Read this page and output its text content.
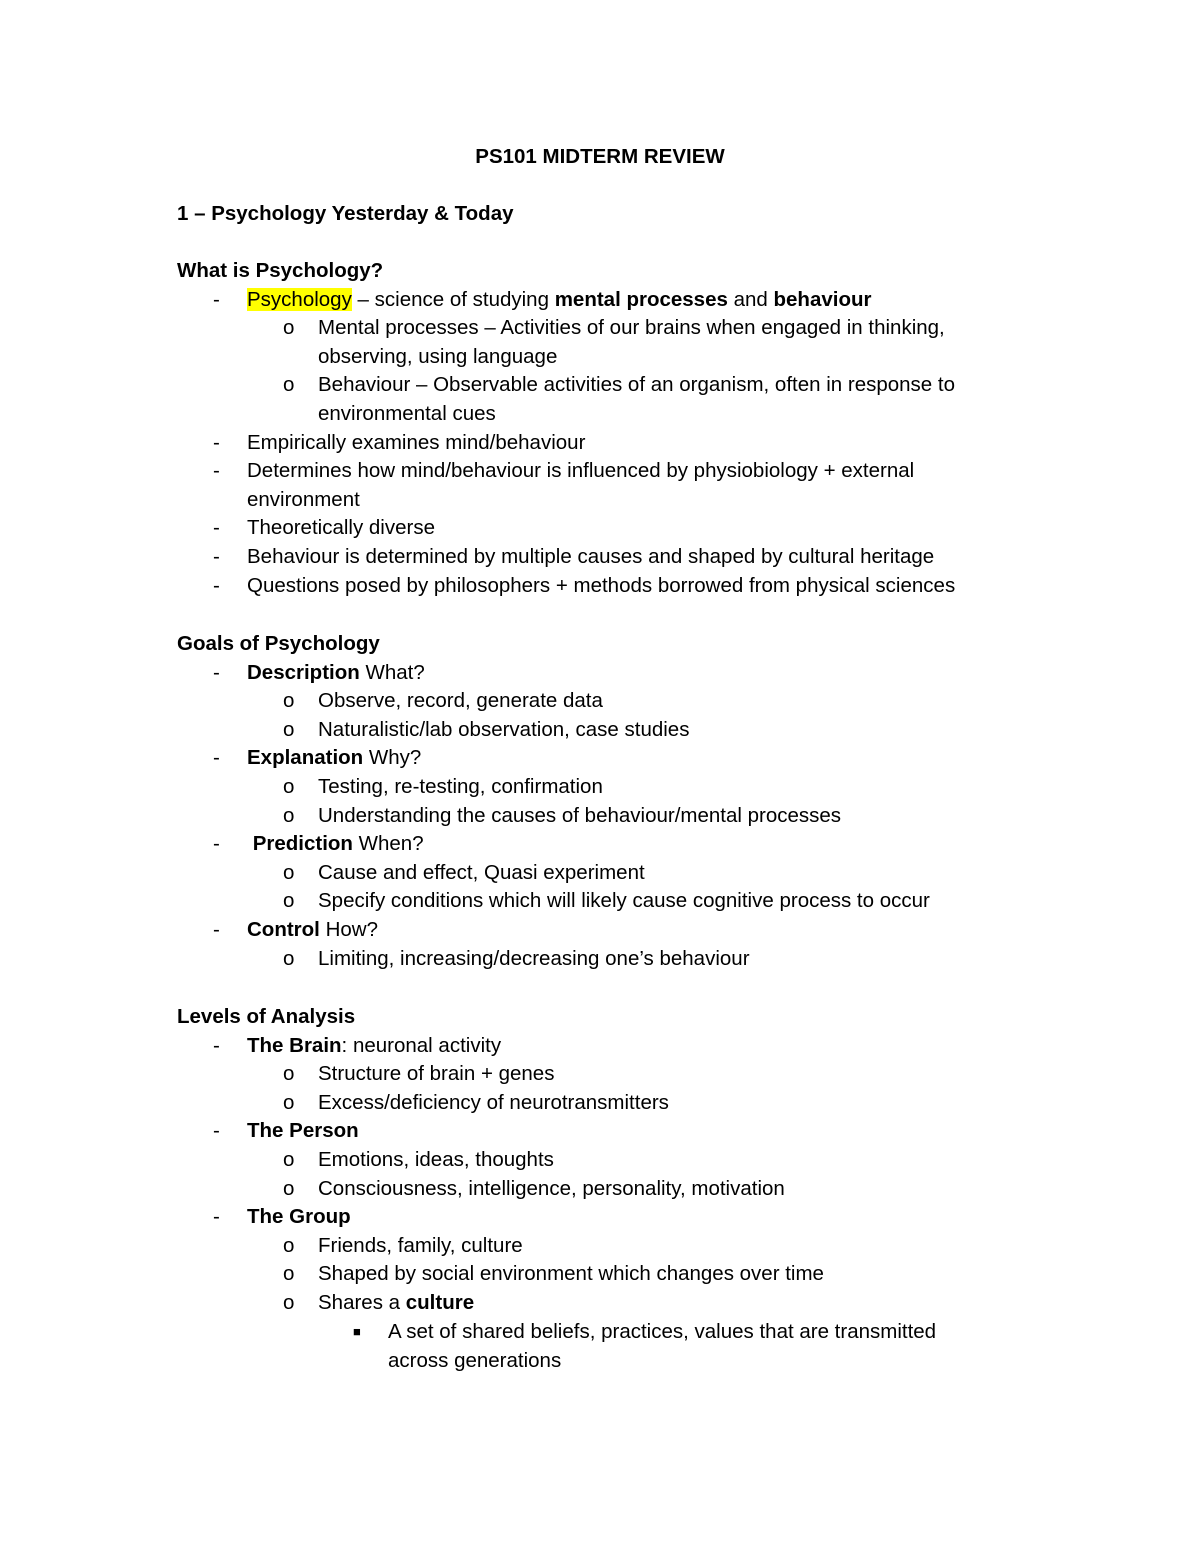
PS101 MIDTERM REVIEW
1 – Psychology Yesterday & Today
What is Psychology?
- Psychology – science of studying mental processes and behaviour
o Mental processes – Activities of our brains when engaged in thinking, observing, using language
o Behaviour – Observable activities of an organism, often in response to environmental cues
- Empirically examines mind/behaviour
- Determines how mind/behaviour is influenced by physiobiology + external environment
- Theoretically diverse
- Behaviour is determined by multiple causes and shaped by cultural heritage
- Questions posed by philosophers + methods borrowed from physical sciences
Goals of Psychology
- Description What?
o Observe, record, generate data
o Naturalistic/lab observation, case studies
- Explanation Why?
o Testing, re-testing, confirmation
o Understanding the causes of behaviour/mental processes
- Prediction When?
o Cause and effect, Quasi experiment
o Specify conditions which will likely cause cognitive process to occur
- Control How?
o Limiting, increasing/decreasing one’s behaviour
Levels of Analysis
- The Brain: neuronal activity
o Structure of brain + genes
o Excess/deficiency of neurotransmitters
- The Person
o Emotions, ideas, thoughts
o Consciousness, intelligence, personality, motivation
- The Group
o Friends, family, culture
o Shaped by social environment which changes over time
o Shares a culture
■ A set of shared beliefs, practices, values that are transmitted across generations
